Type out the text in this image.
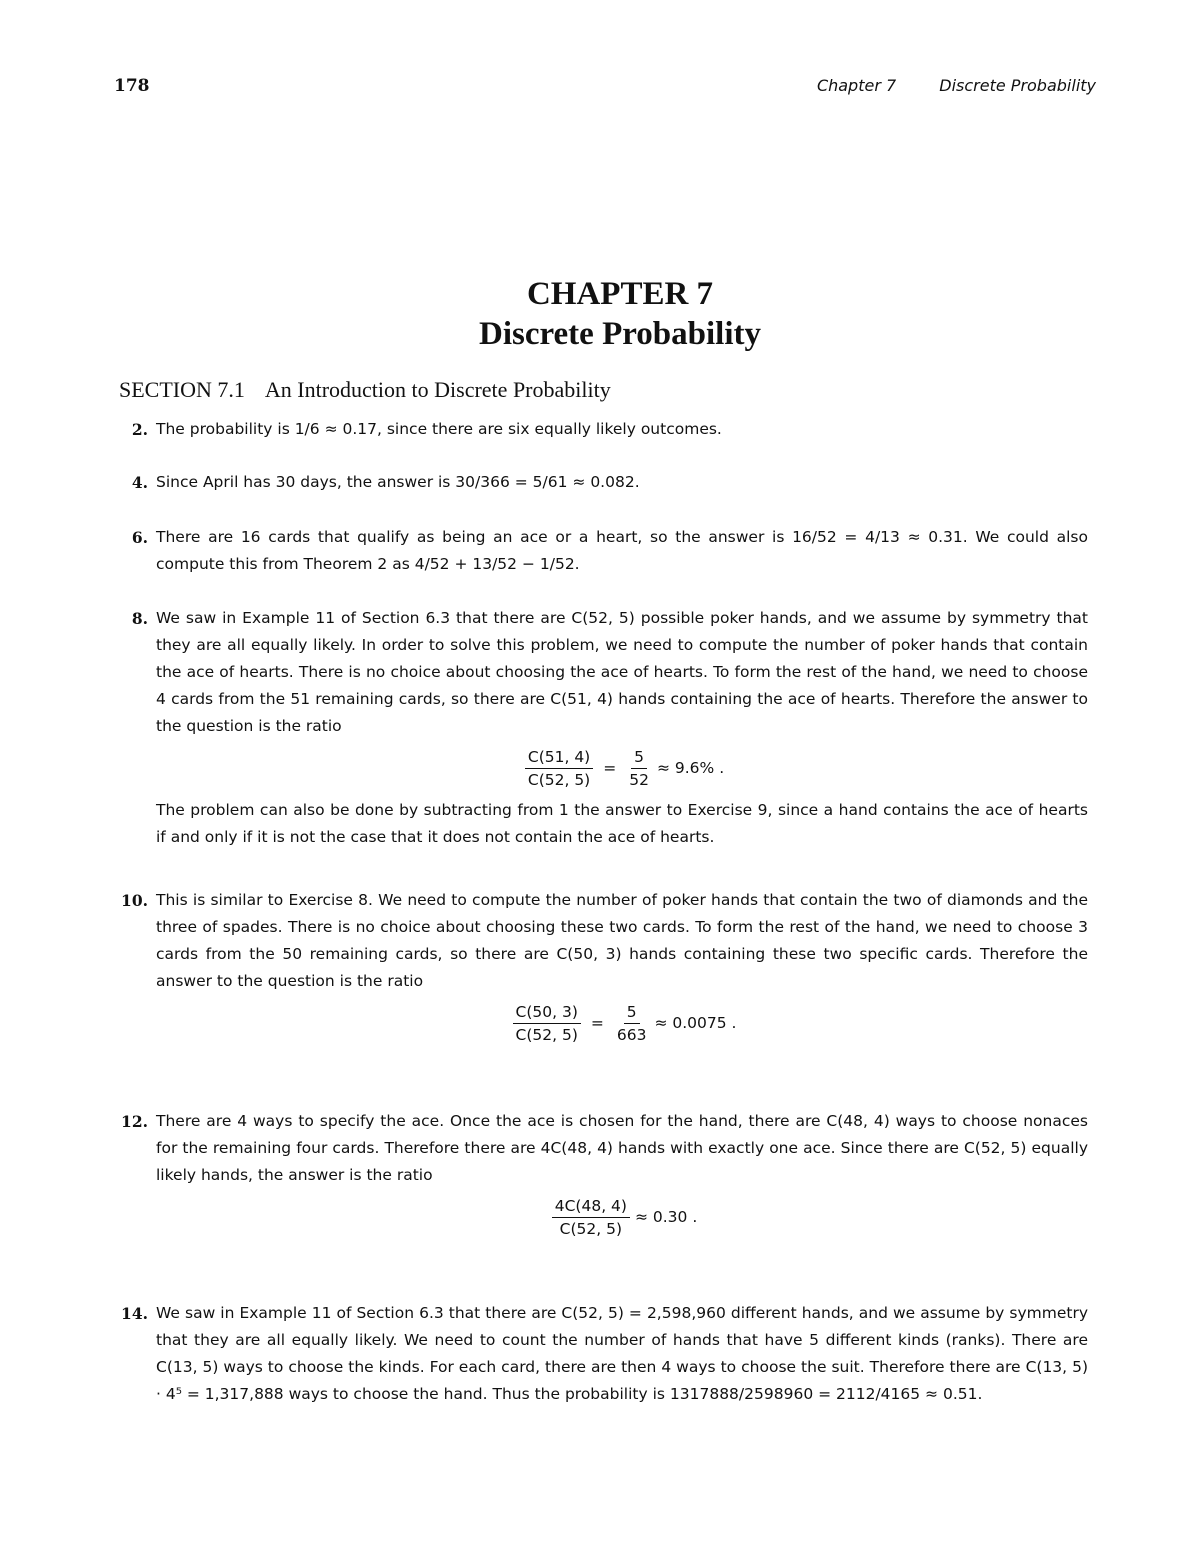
178	Chapter 7	Discrete Probability
CHAPTER 7
Discrete Probability
SECTION 7.1 An Introduction to Discrete Probability
2. The probability is 1/6 ≈ 0.17, since there are six equally likely outcomes.
4. Since April has 30 days, the answer is 30/366 = 5/61 ≈ 0.082.
6. There are 16 cards that qualify as being an ace or a heart, so the answer is 16/52 = 4/13 ≈ 0.31. We could also compute this from Theorem 2 as 4/52 + 13/52 − 1/52.
8. We saw in Example 11 of Section 6.3 that there are C(52, 5) possible poker hands, and we assume by symmetry that they are all equally likely. In order to solve this problem, we need to compute the number of poker hands that contain the ace of hearts. There is no choice about choosing the ace of hearts. To form the rest of the hand, we need to choose 4 cards from the 51 remaining cards, so there are C(51, 4) hands containing the ace of hearts. Therefore the answer to the question is the ratio
$\frac{C(51, 4)}{C(52, 5)} = \frac{5}{52} \approx 9.6\%$ .
The problem can also be done by subtracting from 1 the answer to Exercise 9, since a hand contains the ace of hearts if and only if it is not the case that it does not contain the ace of hearts.
10. This is similar to Exercise 8. We need to compute the number of poker hands that contain the two of diamonds and the three of spades. There is no choice about choosing these two cards. To form the rest of the hand, we need to choose 3 cards from the 50 remaining cards, so there are C(50, 3) hands containing these two specific cards. Therefore the answer to the question is the ratio
$\frac{C(50, 3)}{C(52, 5)} = \frac{5}{663} \approx 0.0075$ .
12. There are 4 ways to specify the ace. Once the ace is chosen for the hand, there are C(48, 4) ways to choose nonaces for the remaining four cards. Therefore there are 4C(48, 4) hands with exactly one ace. Since there are C(52, 5) equally likely hands, the answer is the ratio
$\frac{4C(48, 4)}{C(52, 5)} \approx 0.30$ .
14. We saw in Example 11 of Section 6.3 that there are C(52, 5) = 2,598,960 different hands, and we assume by symmetry that they are all equally likely. We need to count the number of hands that have 5 different kinds (ranks). There are C(13, 5) ways to choose the kinds. For each card, there are then 4 ways to choose the suit. Therefore there are C(13, 5) · 4⁵ = 1,317,888 ways to choose the hand. Thus the probability is 1317888/2598960 = 2112/4165 ≈ 0.51.
